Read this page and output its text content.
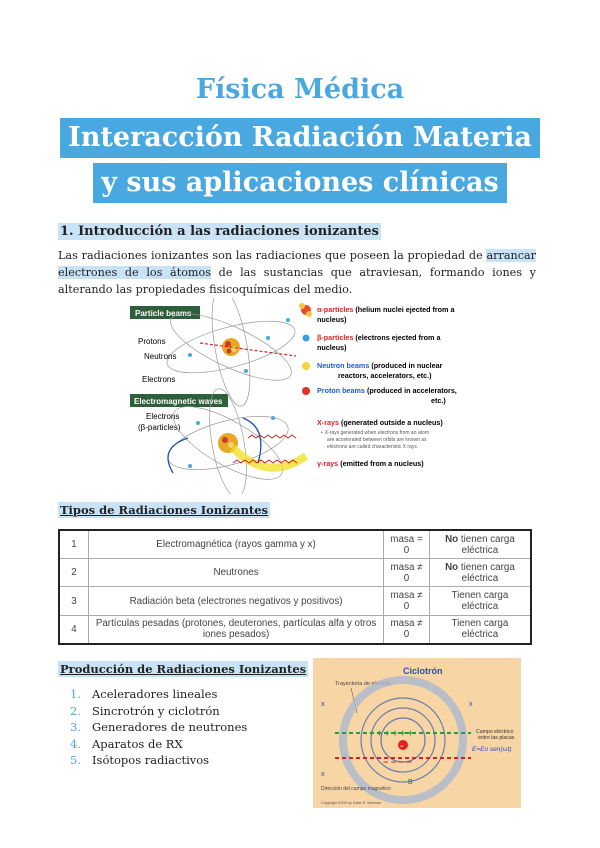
Física Médica
Interacción Radiación Materia
y sus aplicaciones clínicas
1. Introducción a las radiaciones ionizantes
Las radiaciones ionizantes son las radiaciones que poseen la propiedad de arrancar electrones de los átomos de las sustancias que atraviesan, formando iones y alterando las propiedades fisicoquímicas del medio.
Particle beams
Protons
Neutrons
Electrons
α-particles (helium nuclei ejected from a
nucleus)
β-particles (electrons ejected from a
nucleus)
Neutron beams (produced in nuclear
reactors, accelerators, etc.)
Proton beams (produced in accelerators,
etc.)
Electromagnetic waves
Electrons
(β-particles)
X-rays (generated outside a nucleus)
• X-rays generated when electrons from an atom
are accelerated between orbits are known as
electrons are called characteristic X rays.
γ-rays (emitted from a nucleus)
Tipos de Radiaciones Ionizantes
1	Electromagnética (rayos gamma y x)	masa = 0	No tienen carga eléctrica
2	Neutrones	masa ≠ 0	No tienen carga eléctrica
3	Radiación beta (electrones negativos y positivos)	masa ≠ 0	Tienen carga eléctrica
4	Partículas pesadas (protones, deuterones, partículas alfa y otros iones pesados)	masa ≠ 0	Tienen carga eléctrica
Producción de Radiaciones Ionizantes
1. Aceleradores lineales
2. Sincrotrón y ciclotrón
3. Generadores de neutrones
4. Aparatos de RX
5. Isótopos radiactivos
Ciclotrón
Trayectoria de electrón
+ + + + + +
− − − −
−
x
x
x
B
Campo eléctrico
entre las placas
E=Eo sen(ωt)
Dirección del campo magnético
Copyright 2009 by Katie E. Wieman
